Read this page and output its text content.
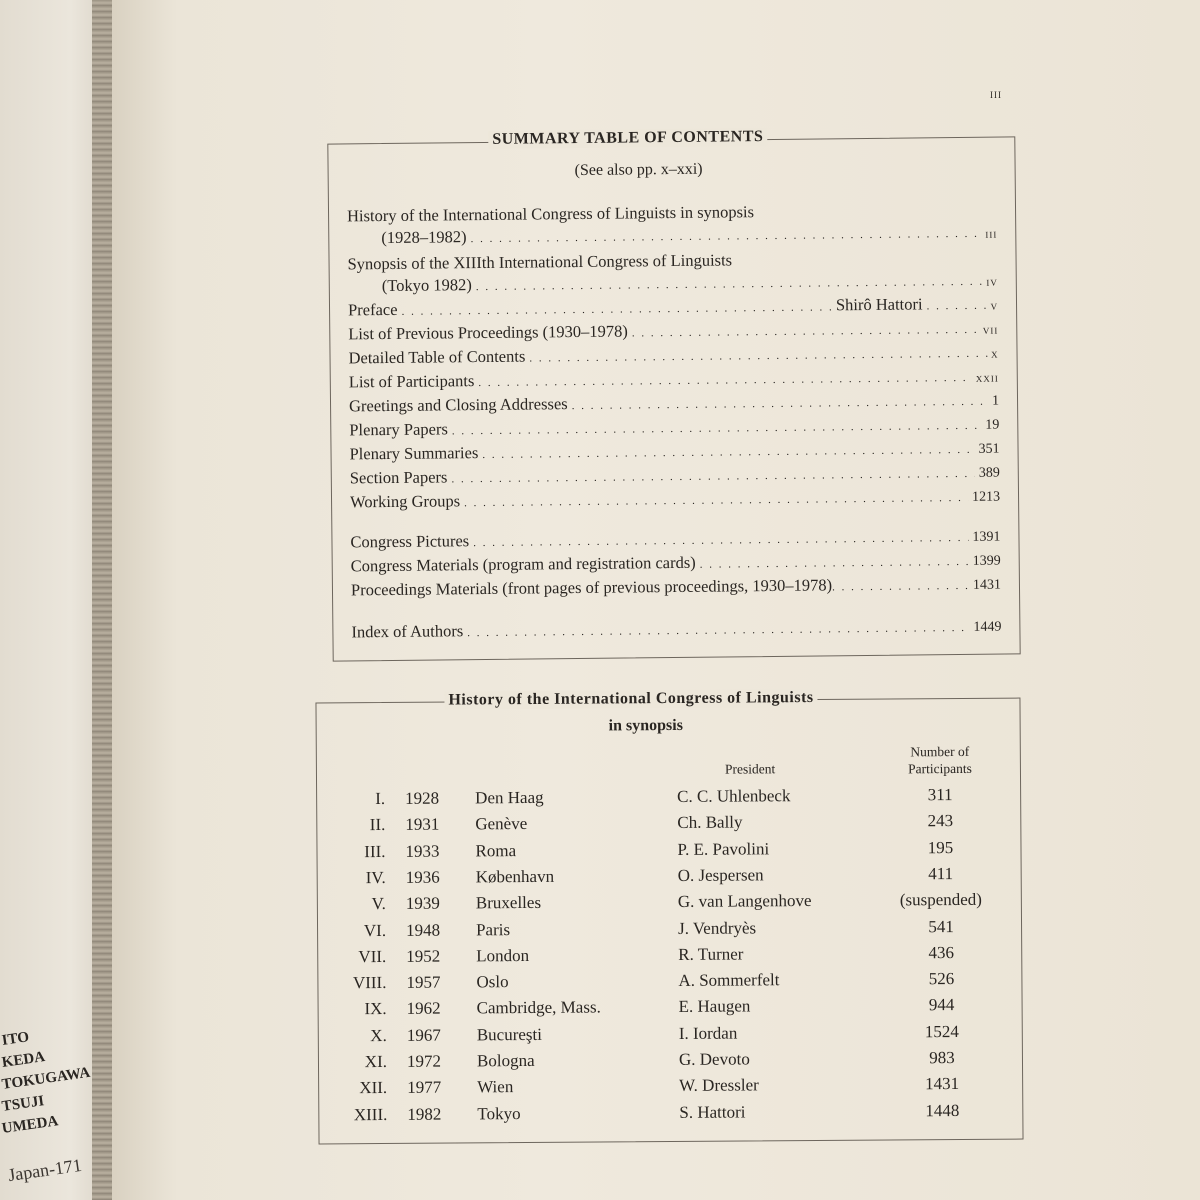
ITO
KEDA
TOKUGAWA
TSUJI
UMEDA
Japan-171
iii
SUMMARY TABLE OF CONTENTS
(See also pp. x–xxi)
History of the International Congress of Linguists in synopsis
(1928–1982) . . .	iii
Synopsis of the XIIIth International Congress of Linguists
(Tokyo 1982) . . .	iv
Preface . . .	Shirô Hattori . . .	v
List of Previous Proceedings (1930–1978) . . .	vii
Detailed Table of Contents . . .	x
List of Participants . . .	xxii
Greetings and Closing Addresses . . .	1
Plenary Papers . . .	19
Plenary Summaries . . .	351
Section Papers . . .	389
Working Groups . . .	1213
Congress Pictures . . .	1391
Congress Materials (program and registration cards) . . .	1399
Proceedings Materials (front pages of previous proceedings, 1930–1978) . . .	1431
Index of Authors . . .	1449
History of the International Congress of Linguists
in synopsis
President
Number of
Participants
I. 1928 Den Haag	C. C. Uhlenbeck	311
II. 1931 Genève	Ch. Bally	243
III. 1933 Roma	P. E. Pavolini	195
IV. 1936 København	O. Jespersen	411
V. 1939 Bruxelles	G. van Langenhove	(suspended)
VI. 1948 Paris	J. Vendryès	541
VII. 1952 London	R. Turner	436
VIII. 1957 Oslo	A. Sommerfelt	526
IX. 1962 Cambridge, Mass.	E. Haugen	944
X. 1967 Bucureşti	I. Iordan	1524
XI. 1972 Bologna	G. Devoto	983
XII. 1977 Wien	W. Dressler	1431
XIII. 1982 Tokyo	S. Hattori	1448
